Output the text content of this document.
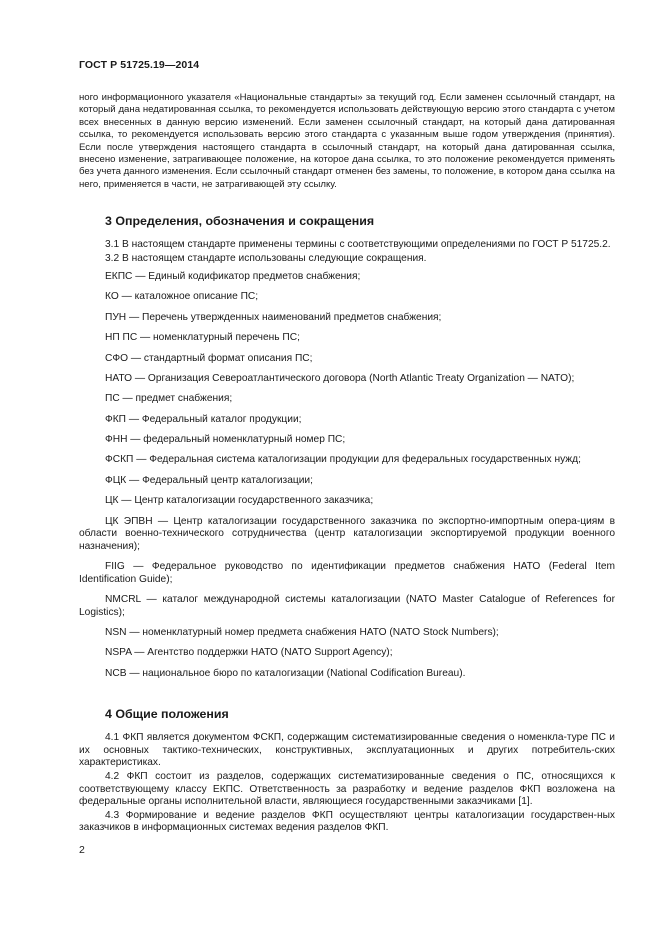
ГОСТ Р 51725.19—2014

ного информационного указателя «Национальные стандарты» за текущий год. Если заменен ссылочный стандарт, на который дана недатированная ссылка, то рекомендуется использовать действующую версию этого стандарта с учетом всех внесенных в данную версию изменений. Если заменен ссылочный стандарт, на который дана датированная ссылка, то рекомендуется использовать версию этого стандарта с указанным выше годом утверждения (принятия). Если после утверждения настоящего стандарта в ссылочный стандарт, на который дана датированная ссылка, внесено изменение, затрагивающее положение, на которое дана ссылка, то это положение рекомендуется применять без учета данного изменения. Если ссылочный стандарт отменен без замены, то положение, в котором дана ссылка на него, применяется в части, не затрагивающей эту ссылку.

3 Определения, обозначения и сокращения

3.1 В настоящем стандарте применены термины с соответствующими определениями по ГОСТ Р 51725.2.

3.2 В настоящем стандарте использованы следующие сокращения.

ЕКПС — Единый кодификатор предметов снабжения;

КО — каталожное описание ПС;

ПУН — Перечень утвержденных наименований предметов снабжения;

НП ПС — номенклатурный перечень ПС;

СФО — стандартный формат описания ПС;

НАТО — Организация Североатлантического договора (North Atlantic Treaty Organization — NATO);

ПС — предмет снабжения;

ФКП — Федеральный каталог продукции;

ФНН — федеральный номенклатурный номер ПС;

ФСКП — Федеральная система каталогизации продукции для федеральных государственных нужд;

ФЦК — Федеральный центр каталогизации;

ЦК — Центр каталогизации государственного заказчика;

ЦК ЭПВН — Центр каталогизации государственного заказчика по экспортно-импортным опера-циям в области военно-технического сотрудничества (центр каталогизации экспортируемой продукции военного назначения);

FIIG — Федеральное руководство по идентификации предметов снабжения НАТО (Federal Item Identification Guide);

NMCRL — каталог международной системы каталогизации (NATO Master Catalogue of References for Logistics);

NSN — номенклатурный номер предмета снабжения НАТО (NATO Stock Numbers);

NSPA — Агентство поддержки НАТО (NATO Support Agency);

NCB — национальное бюро по каталогизации (National Codification Bureau).

4 Общие положения

4.1 ФКП является документом ФСКП, содержащим систематизированные сведения о номенкла-туре ПС и их основных тактико-технических, конструктивных, эксплуатационных и других потребитель-ских характеристиках.

4.2 ФКП состоит из разделов, содержащих систематизированные сведения о ПС, относящихся к соответствующему классу ЕКПС. Ответственность за разработку и ведение разделов ФКП возложена на федеральные органы исполнительной власти, являющиеся государственными заказчиками [1].

4.3 Формирование и ведение разделов ФКП осуществляют центры каталогизации государствен-ных заказчиков в информационных системах ведения разделов ФКП.

2
